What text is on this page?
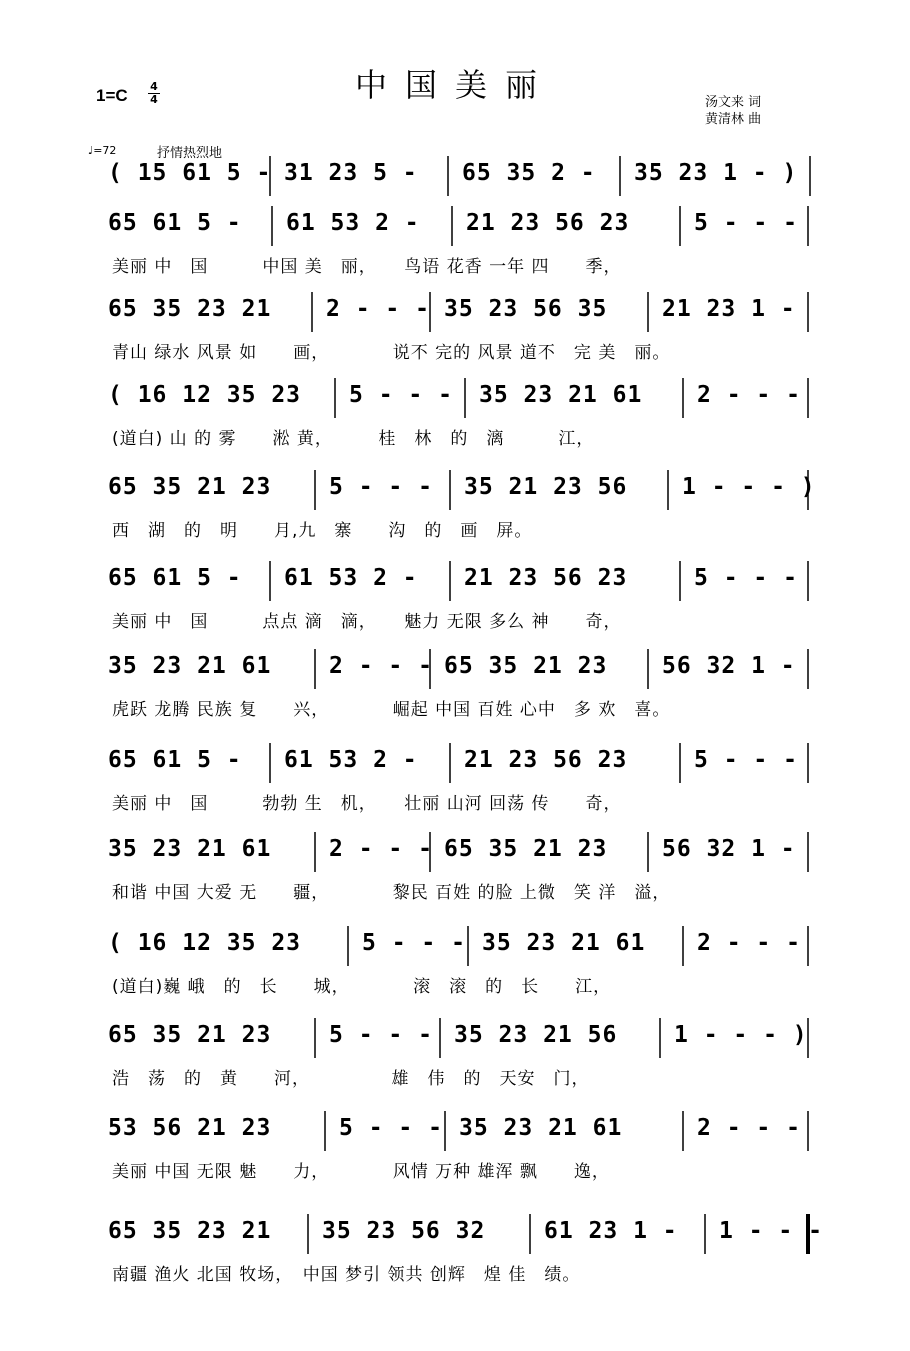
1=C 4
4	中国美丽	汤文来 词
黄清林 曲
♩=72	抒情热烈地
( 15 61 5 - 31 23 5 - 65 35 2 - 35 23 1 - )
65 61 5 - 61 53 2 - 21 23 56 23	5 - - -
美丽 中　国　　　中国 美　丽，　　鸟语 花香 一年 四　　季，
65 35 23 21 2 - - - 35 23 56 35 21 23 1 -
青山 绿水 风景 如　　画，　　　　说不 完的 风景 道不　完 美　丽。
( 16 12 35 23 5 - - - 35 23 21 61 2 - - -
(道白) 山 的 雾　　淞 黄，　　　桂　林　的　漓　　　江，
65 35 21 23	5 - - - 35 21 23 56 1 - - - )
西　湖　的　明　　月,九　寨　　沟　的　画　屏。
65 61 5 - 61 53 2 - 21 23 56 23	5 - - -
美丽 中　国　　　点点 滴　滴，　　魅力 无限 多么 神　　奇，
35 23 21 61	2 - - - 65 35 21 23 56 32 1 -
虎跃 龙腾 民族 复　　兴，　　　　崛起 中国 百姓 心中　多 欢　喜。
65 61 5 - 61 53 2 - 21 23 56 23	5 - - -
美丽 中　国　　　勃勃 生　机，　　壮丽 山河 回荡 传　　奇，
35 23 21 61	2 - - - 65 35 21 23 56 32 1 -
和谐 中国 大爱 无　　疆，　　　　黎民 百姓 的脸 上微　笑 洋　溢，
( 16 12 35 23	5 - - - 35 23 21 61 2 - - -
(道白)巍 峨　的　长　　城，　　　　滚　滚　的　长　　江，
65 35 21 23	5 - - - 35 23 21 56 1 - - - )
浩　荡　的　黄　　河，　　　　　雄　伟　的　天安　门，
53 56 21 23	5 - - - 35 23 21 61	2 - - -
美丽 中国 无限 魅　　力，　　　　风情 万种 雄浑 飘　　逸，
65 35 23 21 35 23 56 32	61 23 1 - 1 - - -
南疆 渔火 北国 牧场，　中国 梦引 领共 创辉　煌 佳　绩。
